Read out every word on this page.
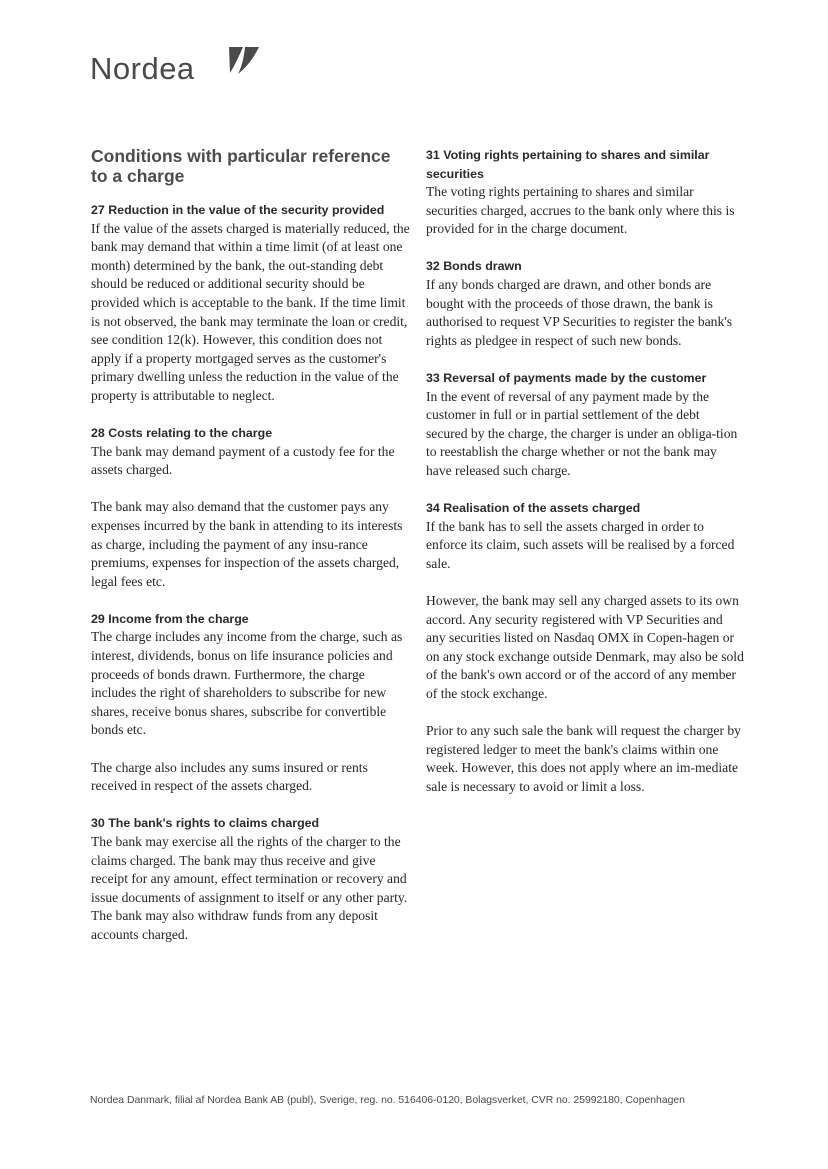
Nordea
Conditions with particular reference to a charge
27 Reduction in the value of the security provided

If the value of the assets charged is materially reduced, the bank may demand that within a time limit (of at least one month) determined by the bank, the out-standing debt should be reduced or additional security should be provided which is acceptable to the bank. If the time limit is not observed, the bank may terminate the loan or credit, see condition 12(k). However, this condition does not apply if a property mortgaged serves as the customer's primary dwelling unless the reduction in the value of the property is attributable to neglect.

28 Costs relating to the charge

The bank may demand payment of a custody fee for the assets charged.

The bank may also demand that the customer pays any expenses incurred by the bank in attending to its interests as charge, including the payment of any insu-rance premiums, expenses for inspection of the assets charged, legal fees etc.

29 Income from the charge

The charge includes any income from the charge, such as interest, dividends, bonus on life insurance policies and proceeds of bonds drawn. Furthermore, the charge includes the right of shareholders to subscribe for new shares, receive bonus shares, subscribe for convertible bonds etc.

The charge also includes any sums insured or rents received in respect of the assets charged.

30 The bank's rights to claims charged

The bank may exercise all the rights of the charger to the claims charged. The bank may thus receive and give receipt for any amount, effect termination or recovery and issue documents of assignment to itself or any other party. The bank may also withdraw funds from any deposit accounts charged.

31 Voting rights pertaining to shares and similar securities

The voting rights pertaining to shares and similar securities charged, accrues to the bank only where this is provided for in the charge document.

32 Bonds drawn

If any bonds charged are drawn, and other bonds are bought with the proceeds of those drawn, the bank is authorised to request VP Securities to register the bank's rights as pledgee in respect of such new bonds.

33 Reversal of payments made by the customer

In the event of reversal of any payment made by the customer in full or in partial settlement of the debt secured by the charge, the charger is under an obliga-tion to reestablish the charge whether or not the bank may have released such charge.

34 Realisation of the assets charged

If the bank has to sell the assets charged in order to enforce its claim, such assets will be realised by a forced sale.

However, the bank may sell any charged assets to its own accord. Any security registered with VP Securities and any securities listed on Nasdaq OMX in Copen-hagen or on any stock exchange outside Denmark, may also be sold of the bank's own accord or of the accord of any member of the stock exchange.

Prior to any such sale the bank will request the charger by registered ledger to meet the bank's claims within one week. However, this does not apply where an im-mediate sale is necessary to avoid or limit a loss.

Nordea Danmark, filial af Nordea Bank AB (publ), Sverige, reg. no. 516406-0120, Bolagsverket, CVR no. 25992180, Copenhagen
